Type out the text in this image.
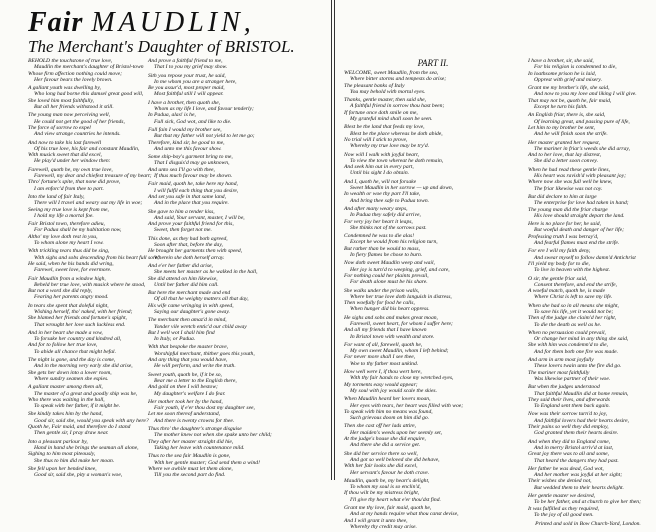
Fair MAUDLIN,
The Merchant's Daughter of BRISTOL.
BEHOLD the touchstone of true love,
Maudlin the merchant's daughter of Bristol-town
Whose firm affection nothing could move;
Her favour bears the lovely brown.
A gallant youth was dwelling by,
Who long had borne this damsel great good will,
She loved him most faithfully,
But all her friends withstood it still.
The young man now perceiving well,
He could not get the good of her friends,
The force of sorrow to expel
And view strange countries he intends.
And now to take his last farewell
Of his true love, his fair and constant Maudlin,
With musick sweet that did excel,
He play'd under her window then:
Farewell, quoth he, my own true love,
Farewell, my dear and chiefest treasure of my heart;
Thro' fortune's spite, that none did prove,
I am enforc'd from thee to part.
Into the land of fair Italy,
There will I travel and weary out my life in woe;
Seeing my true love is kept from me,
I hold my life a mortal foe.
Fair Bristol town, therefore adieu,
For Padua shall be my habitation now,
Altho' my love doth rest in you,
To whom alone my heart I vow.
With trickling tears thus did he sing,
With sighs and sobs descending from his heart full sore;
He said, when he his hands did wring,
Farewel, sweet love, for evermore.
Fair Maudlin from a window high,
Beheld her true love, with musick where he stood,
But not a word she did reply,
Fearing her parents angry mood.
In tears she spent that doleful night,
Wishing herself, tho' naked, with her friend;
She blamed her friends and fortune's spight,
That wrought her love such luckless end.
And in her heart she made a vow,
To forsake her country and kindred all,
And for to follow her true love,
To abide all chance that might befal.
The night is gone, and the day is come,
And in the morning very early she did arise,
She gets her down into a lower room,
Where sundry seamen she espies.
A gallant master among them all,
The master of a great and goodly ship was he,
Who there was waiting in the hall,
To speak with her father, if it might be.
She kindly takes him by the hand,
Good sir, said she, would you speak with any here?
Quoth he, Fair maid, and therefore do I stand
Then gentle sir, I pray draw near.
Into a pleasant parlour by,
Hand in hand she brings the seaman all alone,
Sighing to him most piteously,
She thus to him did make her moan.
She fell upon her bended knee,
Good sir, said she, pity a woman's woe,
And prove a faithful friend to me,
That I to you my grief may show.
Sith you repose your trust, he said,
In me whom you are a stranger here,
Be you assur'd, most proper maid,
Most faithful still I will appear.
I have a brother, then quoth she,
Whom as my life I love, and favour tenderly;
In Padua, alas! is he,
Full sick, God wot, and like to die.
Full fain I would my brother see,
But that my father will not yield to let me go;
Therefore, kind sir, be good to me,
And unto me this favour show.
Some ship-boy's garment bring to me,
That I disguis'd may go unknown,
And unto sea I'll go with thee,
If thus much favour may be shown.
Fair maid, quoth he, take here my hand,
I will fulfil each thing that you desire,
And set you safe in that same land,
And in the place that you require.
She gave to him a tender kiss,
And said, Your servant, master, I will be,
And prove your faithful friend for this,
Sweet, then forget not me.
This done, as they had both agreed,
Soon after that, before the day,
He brought her garments then with speed,
Wherein she doth herself array.
And e'er her father did arise,
She meets her master as he walked in the hall,
She did attend on him likewise,
Until her father did him call.
But here the merchant made and end
Of all that he weighty matters all that day,
His wife came wringing in with speed,
Saying our daughter's gone away.
The merchant then amaz'd in mind,
Yonder vile wretch entic'd our child away
But I well wot I shall him find
In Italy, or Padua.
With that bespoke the master brave,
Worshipful merchant, thither goes this youth,
And any thing that you would have,
He will perform, and write the truth.
Sweet youth, quoth he, if it be so,
Bear me a letter to the English there,
And gold on thee I will bestow;
My daughter's welfare I do fear.
Her mother took her by the hand,
Fair youth, if e'er thou dost my daughter see,
Let me soon thereof understand,
And there is twenty crowns for thee.
Thus thro' the daughter's strange disguise
The mother knew not when she spake unto her child;
They after her master straight did hie,
Taking her leave with countenance mild.
Thus to the sea fair Maudlin is gone,
With her gentle master; God send them a wind!
Where we awhile must let them alone,
Till you the second part do find.
PART II.
WELCOME, sweet Maudlin, from the sea,
Where bitter storms and tempests do arise;
The pleasant banks of Italy
You may behold with mortal eyes.
Thanks, gentle master, then said she,
A faithful friend in sorrow thou hast been;
If fortune once doth smile on me,
My grateful mind shall soon be seen.
Blest be the land that feeds my love,
Blest be the place whereas he doth abide,
No trial will I stick to prove,
Whereby my true love may be try'd.
Now will I walk with joyful heart,
To view the town whereat he doth remain,
And seek him out in every part,
Until his sight I do obtain.
And I, quoth he, will not forsake
Sweet Maudlin in her sorrow — up and down,
In wealth or woe thy part I'll take,
And bring thee safe to Padua town.
And after many weary steps,
In Padua they safely did arrive,
For very joy her heart it leaps,
She thinks not of the sorrows past.
Condemned he was to die alas!
Except he would from his religion turn,
But rather than he would to mass,
In fiery flames he chose to burn.
Now doth sweet Maudlin weep and wail,
Her joy is turn'd to weeping, grief, and care,
For nothing could her plaints prevail,
For death alone must be his share.
She walks under the prison walls,
Where her true love doth languish in distress,
Then woefully for food he calls,
When hunger did his heart oppress.
He sighs and sobs and makes great moan,
Farewell, sweet heart, for whom I suffer here;
And all my friends that I have known
In Bristol town with wealth and store.
For want of all, farewell, quoth he,
My own sweet Maudlin, whom I left behind;
For never more shall I see thee,
Woe to thy father most unkind.
How well were I, if thou wert here,
With thy fair hands to close my wretched eyes,
My torments easy would appear;
My soul with joy would scale the skies.
When Maudlin heard her lovers moan,
Her eyes with tears, her heart was filled with woe;
To speak with him no means was found,
Such grievous doom on him did go.
Then she cast off her lads attire,
Her maiden's weeds upon her seemly set,
At the judge's house she did enquire,
And there she did a service get.
She did her service there so well,
And got so well beloved she did behave,
With her fair looks she did excel,
Her servant's favour he doth crave.
Maudlin, quoth he, my heart's delight,
To whom my soul is so enclin'd,
If thou wilt be my mistress bright,
I'll give thy heart what e'er thou'dst find.
Grant me thy love, fair maid, quoth he,
And at my hands require what thou canst devise,
And I will grant it unto thee,
Whereby thy credit may arise.
I have a brother, sir, she said,
For his religion is condemned to die,
In loathsome prison he is laid,
Opprest with grief and misery.
Grant me my brother's life, she said,
And now to you my love and liking I will give.
That may not be, quoth he, fair maid,
Except he turn his faith.
An English friar, there is, she said,
Of learning great, and passing pure of life,
Let him to my brother be sent,
And he will finish soon the strife.
Her master granted her request,
The mariner in friar's weeds she did array,
And to her love, that lay distrest,
She did a letter soon convey.
When he had read these gentle lines,
His heart was ravish'd with pleasant joy;
Where now she was full well he knew,
The friar likewise was not coy.
But did declare to him at large
The enterprise for love had taken in hand;
The young man did the friar charge
His love should straight depart the land.
Here is no place for her, he said,
But woeful death and danger of her life;
Professing truth I was betray'd,
And fearful flames must end the strife.
For ere I will my faith deny,
And swear myself to follow damn'd Antichrist
I'll yield my body for to die,
To live in heaven with the highest.
O sir, the gentle friar said,
Consent therefore, and end the strife,
A woeful match, quoth he, is made
Where Christ is left to save my life.
When she had so in all means she might,
To save his life, yet it would not be;
Then of the judge she claim'd her right,
To die the death as well as he.
When no persuasion could prevail,
Or change her mind in any thing she said,
She with him was condemn'd to die,
And for them both one fire was made.
And arm in arm most joyfully
These lovers twain unto the fire did go.
The mariner most faithfully
Was likewise partner of their woe.
But when the judges understood
That faithful Maudlin did at home remain,
They said their lives, and afterwards
To England sent them back again.
Now was their sorrow turn'd to joy,
And faithful lovers had their hearts desire,
Their pains so well they did employ,
God granted them their hearts desire.
And when they did to England come,
And in merry Bristol arriv'd at last,
Great joy there was to all and some,
That heard the dangers they had past.
Her father he was dead, God wot,
And her mother was joyful at her sight;
Their wishes she denied not,
But wedded them to their hearts delight.
Her gentle master we desired,
To be her father, and at church to give her then;
It was fulfilled as they required,
To the joy of all good men.
Printed and sold in Bow Church-Yard, London.
